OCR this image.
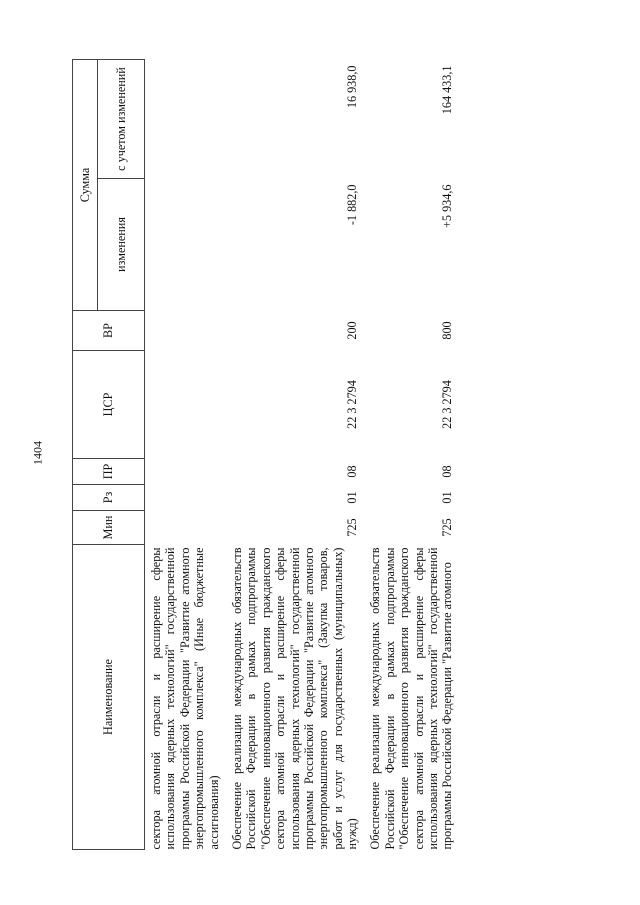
1404
Наименование	Мин	Рз	ПР	ЦСР	ВР	Сумма	
						изменения	с учетом изменений
сектора атомной отрасли и расширение сферы использования ядерных технологий" государственной программы Российской Федерации "Развитие атомного энергопромышленного комплекса" (Иные бюджетные ассигнования)							
Обеспечение реализации международных обязательств Российской Федерации в рамках подпрограммы "Обеспечение инновационного развития гражданского сектора атомной отрасли и расширение сферы использования ядерных технологий" государственной программы Российской Федерации "Развитие атомного энергопромышленного комплекса" (Закупка товаров, работ и услуг для государственных (муниципальных) нужд)	725	01	08	22 3 2794	200	-1 882,0	16 938,0
Обеспечение реализации международных обязательств Российской Федерации в рамках подпрограммы "Обеспечение инновационного развития гражданского сектора атомной отрасли и расширение сферы использования ядерных технологий" государственной программы Российской Федерации "Развитие атомного	725	01	08	22 3 2794	800	+5 934,6	164 433,1
